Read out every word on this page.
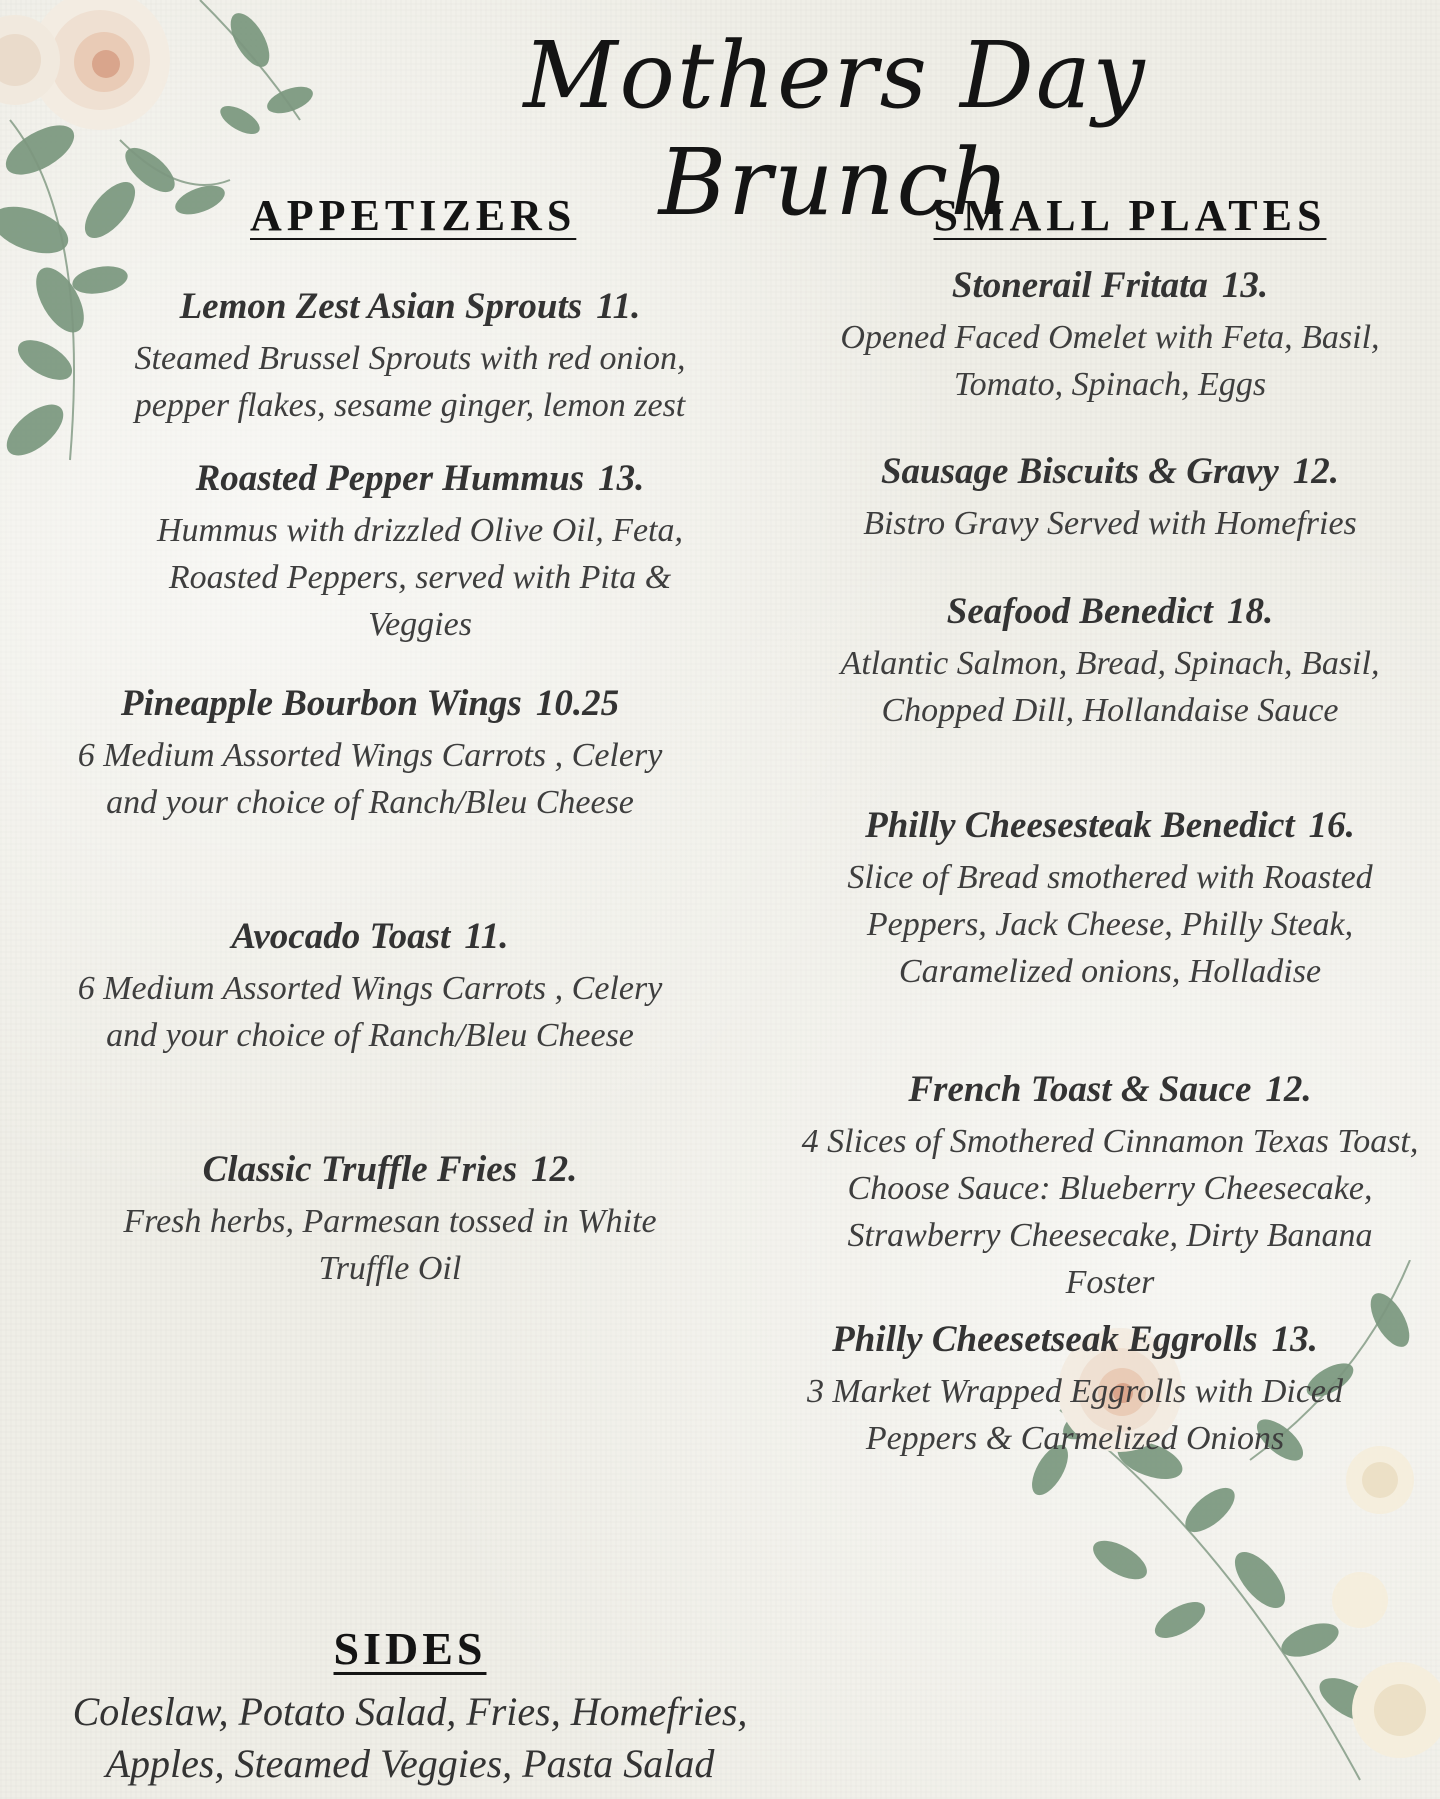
Mothers Day Brunch
APPETIZERS
Lemon Zest Asian Sprouts 11.
Steamed Brussel Sprouts with red onion, pepper flakes, sesame ginger, lemon zest
Roasted Pepper Hummus 13.
Hummus with drizzled Olive Oil, Feta, Roasted Peppers, served with Pita & Veggies
Pineapple Bourbon Wings 10.25
6 Medium Assorted Wings Carrots , Celery and your choice of Ranch/Bleu Cheese
Avocado Toast 11.
6 Medium Assorted Wings Carrots , Celery and your choice of Ranch/Bleu Cheese
Classic Truffle Fries 12.
Fresh herbs, Parmesan tossed in White Truffle Oil
SMALL PLATES
Stonerail Fritata 13.
Opened Faced Omelet with Feta, Basil, Tomato, Spinach, Eggs
Sausage Biscuits & Gravy 12.
Bistro Gravy Served with Homefries
Seafood Benedict 18.
Atlantic Salmon, Bread, Spinach, Basil, Chopped Dill, Hollandaise Sauce
Philly Cheesesteak Benedict 16.
Slice of Bread smothered with Roasted Peppers, Jack Cheese, Philly Steak, Caramelized onions, Holladise
French Toast & Sauce 12.
4 Slices of Smothered Cinnamon Texas Toast, Choose Sauce: Blueberry Cheesecake, Strawberry Cheesecake, Dirty Banana Foster
Philly Cheesetseak Eggrolls 13.
3 Market Wrapped Eggrolls with Diced Peppers & Carmelized Onions
SIDES
Coleslaw, Potato Salad, Fries, Homefries, Apples, Steamed Veggies, Pasta Salad
